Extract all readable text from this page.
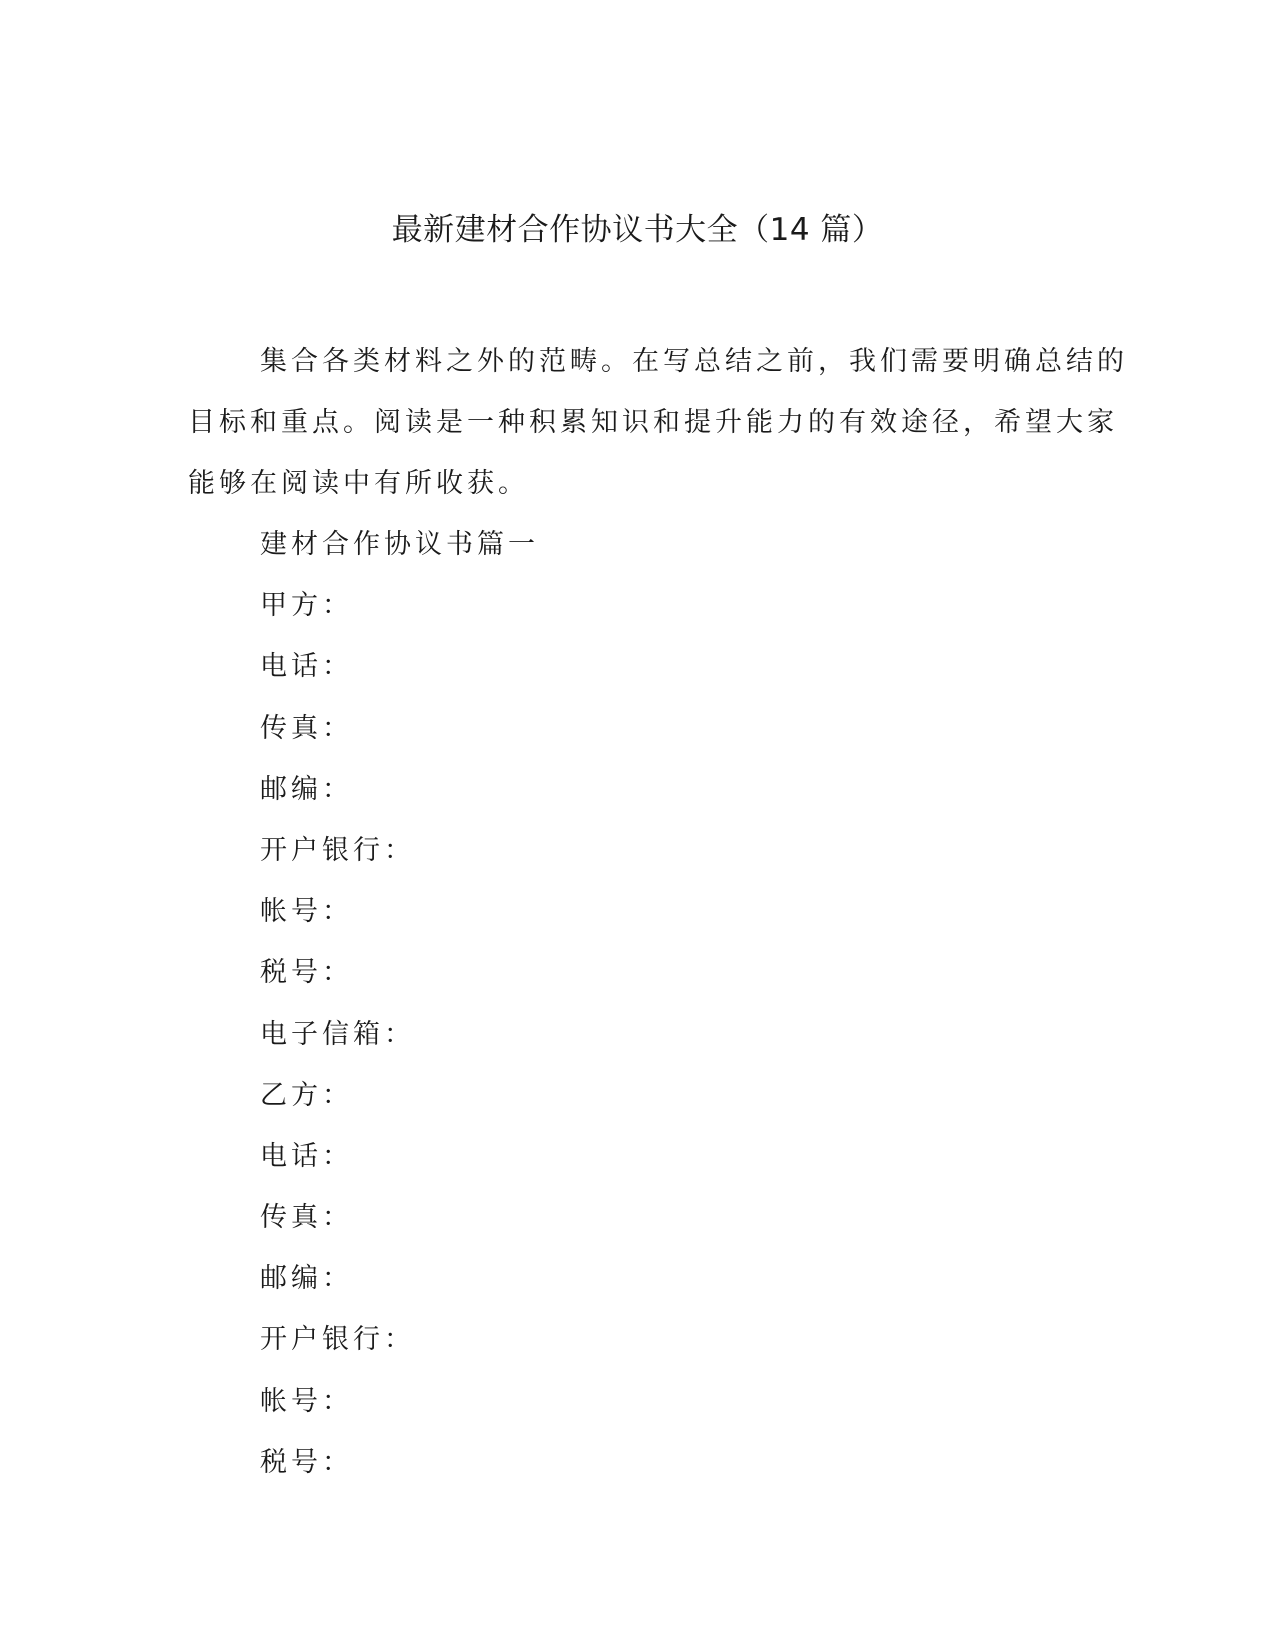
最新建材合作协议书大全（14 篇）
集合各类材料之外的范畴。在写总结之前，我们需要明确总结的
目标和重点。阅读是一种积累知识和提升能力的有效途径，希望大家
能够在阅读中有所收获。
建材合作协议书篇一
甲方：
电话：
传真：
邮编：
开户银行：
帐号：
税号：
电子信箱：
乙方：
电话：
传真：
邮编：
开户银行：
帐号：
税号：
